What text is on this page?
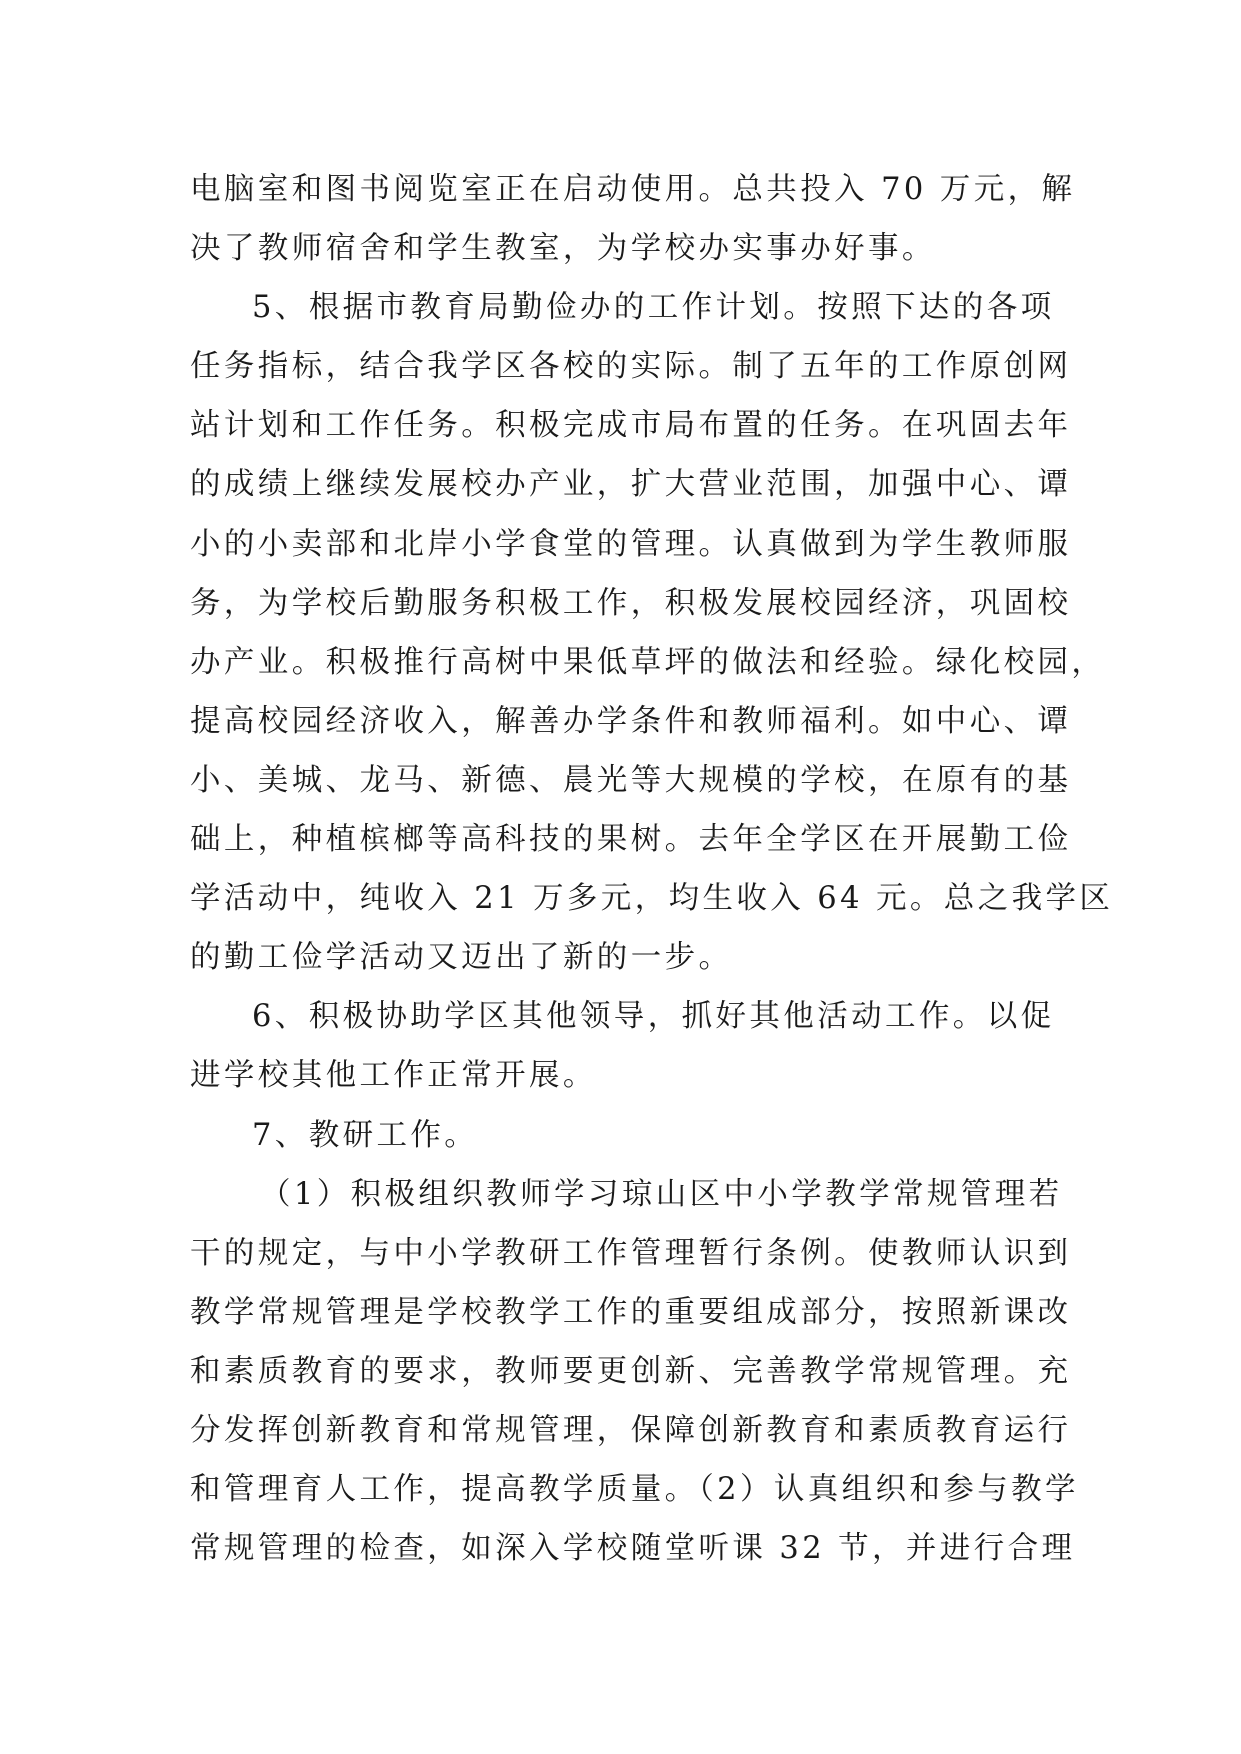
电脑室和图书阅览室正在启动使用。总共投入 70 万元，解
决了教师宿舍和学生教室，为学校办实事办好事。
5、根据市教育局勤俭办的工作计划。按照下达的各项
任务指标，结合我学区各校的实际。制了五年的工作原创网
站计划和工作任务。积极完成市局布置的任务。在巩固去年
的成绩上继续发展校办产业，扩大营业范围，加强中心、谭
小的小卖部和北岸小学食堂的管理。认真做到为学生教师服
务，为学校后勤服务积极工作，积极发展校园经济，巩固校
办产业。积极推行高树中果低草坪的做法和经验。绿化校园，
提高校园经济收入，解善办学条件和教师福利。如中心、谭
小、美城、龙马、新德、晨光等大规模的学校，在原有的基
础上，种植槟榔等高科技的果树。去年全学区在开展勤工俭
学活动中，纯收入 21 万多元，均生收入 64 元。总之我学区
的勤工俭学活动又迈出了新的一步。
6、积极协助学区其他领导，抓好其他活动工作。以促
进学校其他工作正常开展。
7、教研工作。
（1）积极组织教师学习琼山区中小学教学常规管理若
干的规定，与中小学教研工作管理暂行条例。使教师认识到
教学常规管理是学校教学工作的重要组成部分，按照新课改
和素质教育的要求，教师要更创新、完善教学常规管理。充
分发挥创新教育和常规管理，保障创新教育和素质教育运行
和管理育人工作，提高教学质量。（2）认真组织和参与教学
常规管理的检查，如深入学校随堂听课 32 节，并进行合理
